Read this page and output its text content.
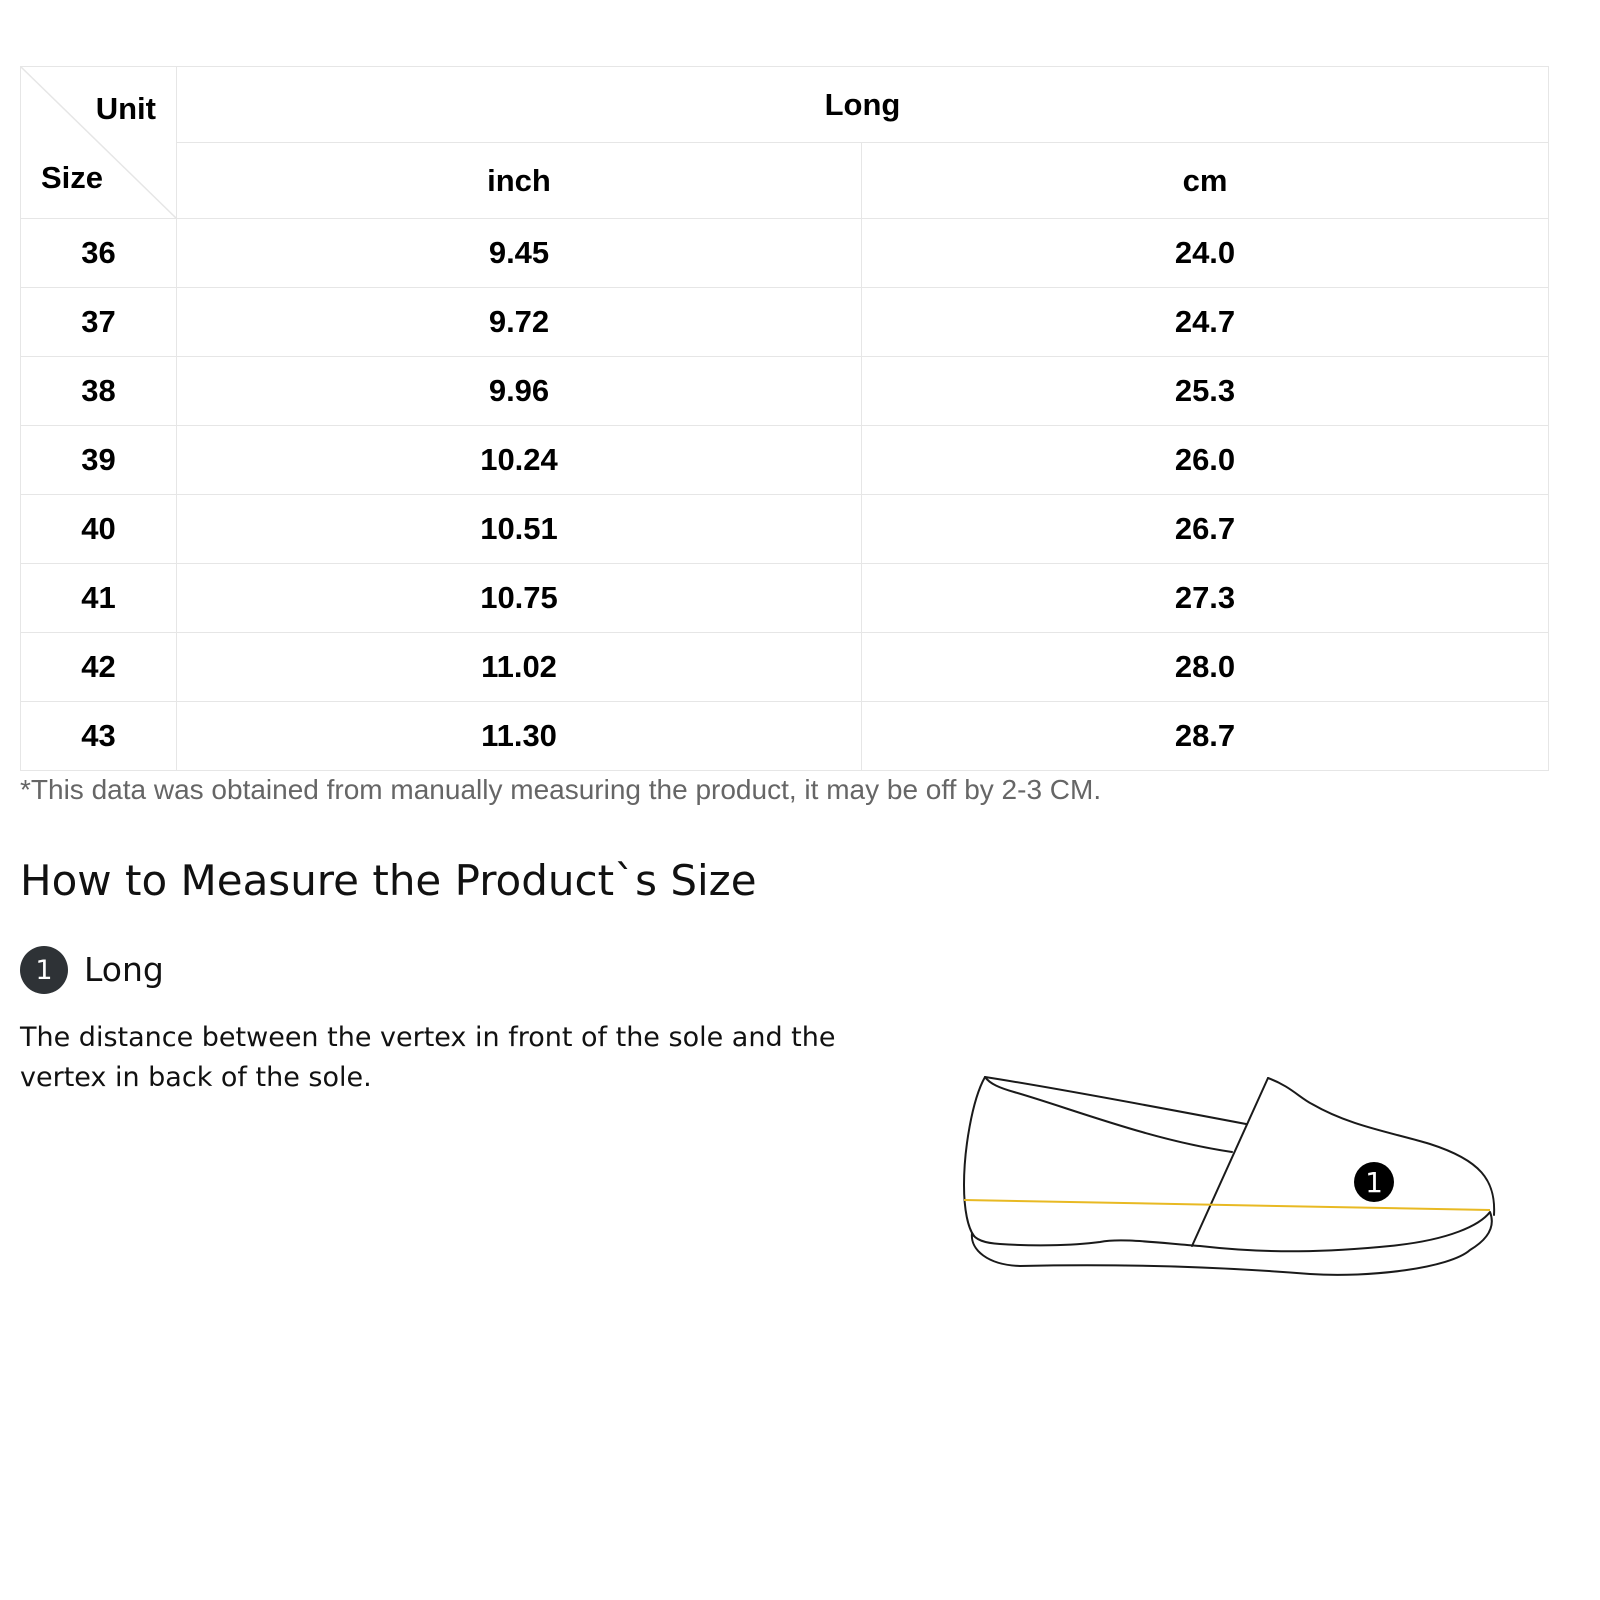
Unit
Size	Long	
	inch	cm
36	9.45	24.0
37	9.72	24.7
38	9.96	25.3
39	10.24	26.0
40	10.51	26.7
41	10.75	27.3
42	11.02	28.0
43	11.30	28.7
*This data was obtained from manually measuring the product, it may be off by 2-3 CM.
How to Measure the Product`s Size
1 Long
The distance between the vertex in front of the sole and the vertex in back of the sole.
1
